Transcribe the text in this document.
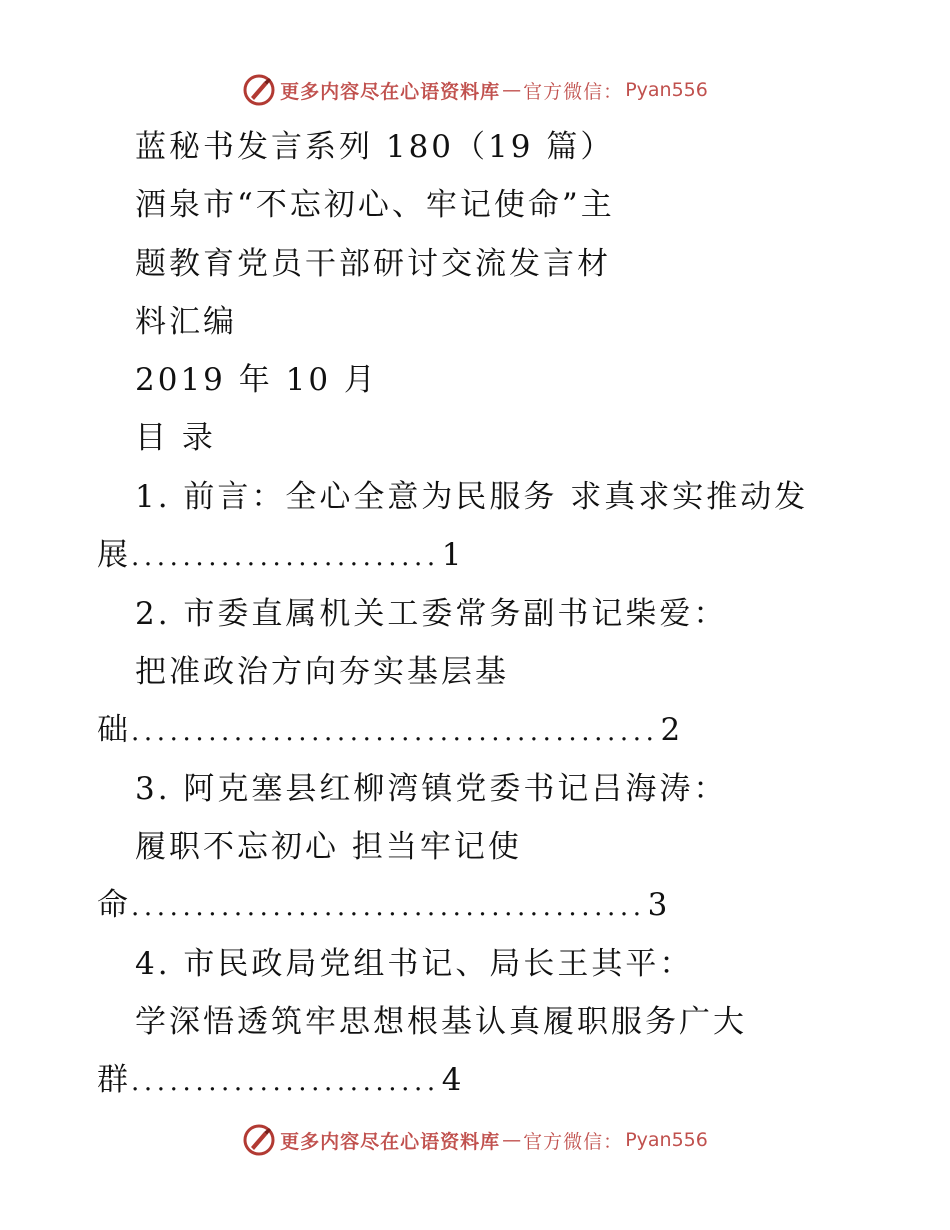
更多内容尽在心语资料库 — 官方微信： Pyan556
蓝秘书发言系列 180（19 篇）
酒泉市“不忘初心、牢记使命”主
题教育党员干部研讨交流发言材
料汇编
2019 年 10 月
目 录
1. 前言：全心全意为民服务 求真求实推动发
展 ........................ 1
2. 市委直属机关工委常务副书记柴爱：
把准政治方向夯实基层基
础 ......................................... 2
3. 阿克塞县红柳湾镇党委书记吕海涛：
履职不忘初心 担当牢记使
命 ........................................ 3
4. 市民政局党组书记、局长王其平：
学深悟透筑牢思想根基认真履职服务广大
群 ........................ 4
更多内容尽在心语资料库 — 官方微信： Pyan556
